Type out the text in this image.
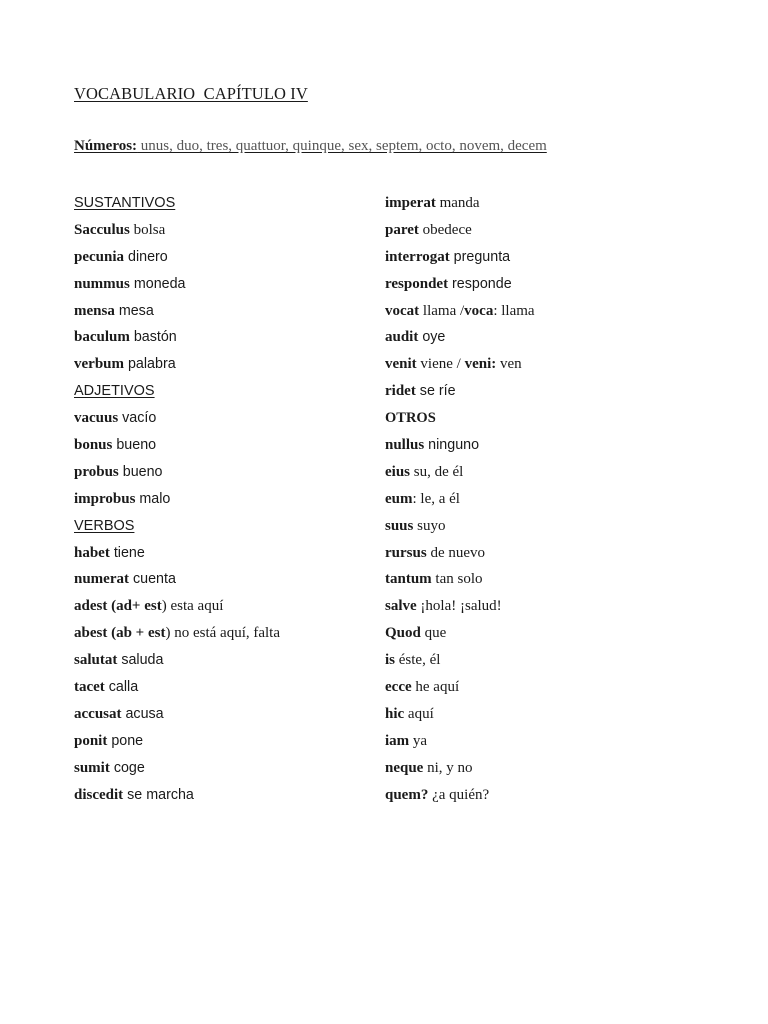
VOCABULARIO  CAPÍTULO IV
Números: unus, duo, tres, quattuor, quinque, sex, septem, octo, novem, decem
SUSTANTIVOS
Sacculus bolsa
pecunia dinero
nummus moneda
mensa mesa
baculum bastón
verbum palabra
ADJETIVOS
vacuus vacío
bonus bueno
probus bueno
improbus malo
VERBOS
habet tiene
numerat cuenta
adest (ad+ est) esta aquí
abest (ab + est) no está aquí, falta
salutat saluda
tacet calla
accusat acusa
ponit pone
sumit coge
discedit se marcha
imperat manda
paret obedece
interrogat pregunta
respondet responde
vocat llama /voca: llama
audit oye
venit viene / veni: ven
ridet se ríe
OTROS
nullus ninguno
eius su, de él
eum: le, a él
suus suyo
rursus de nuevo
tantum tan solo
salve ¡hola! ¡salud!
Quod que
is éste, él
ecce he aquí
hic aquí
iam ya
neque ni, y no
quem? ¿a quién?
